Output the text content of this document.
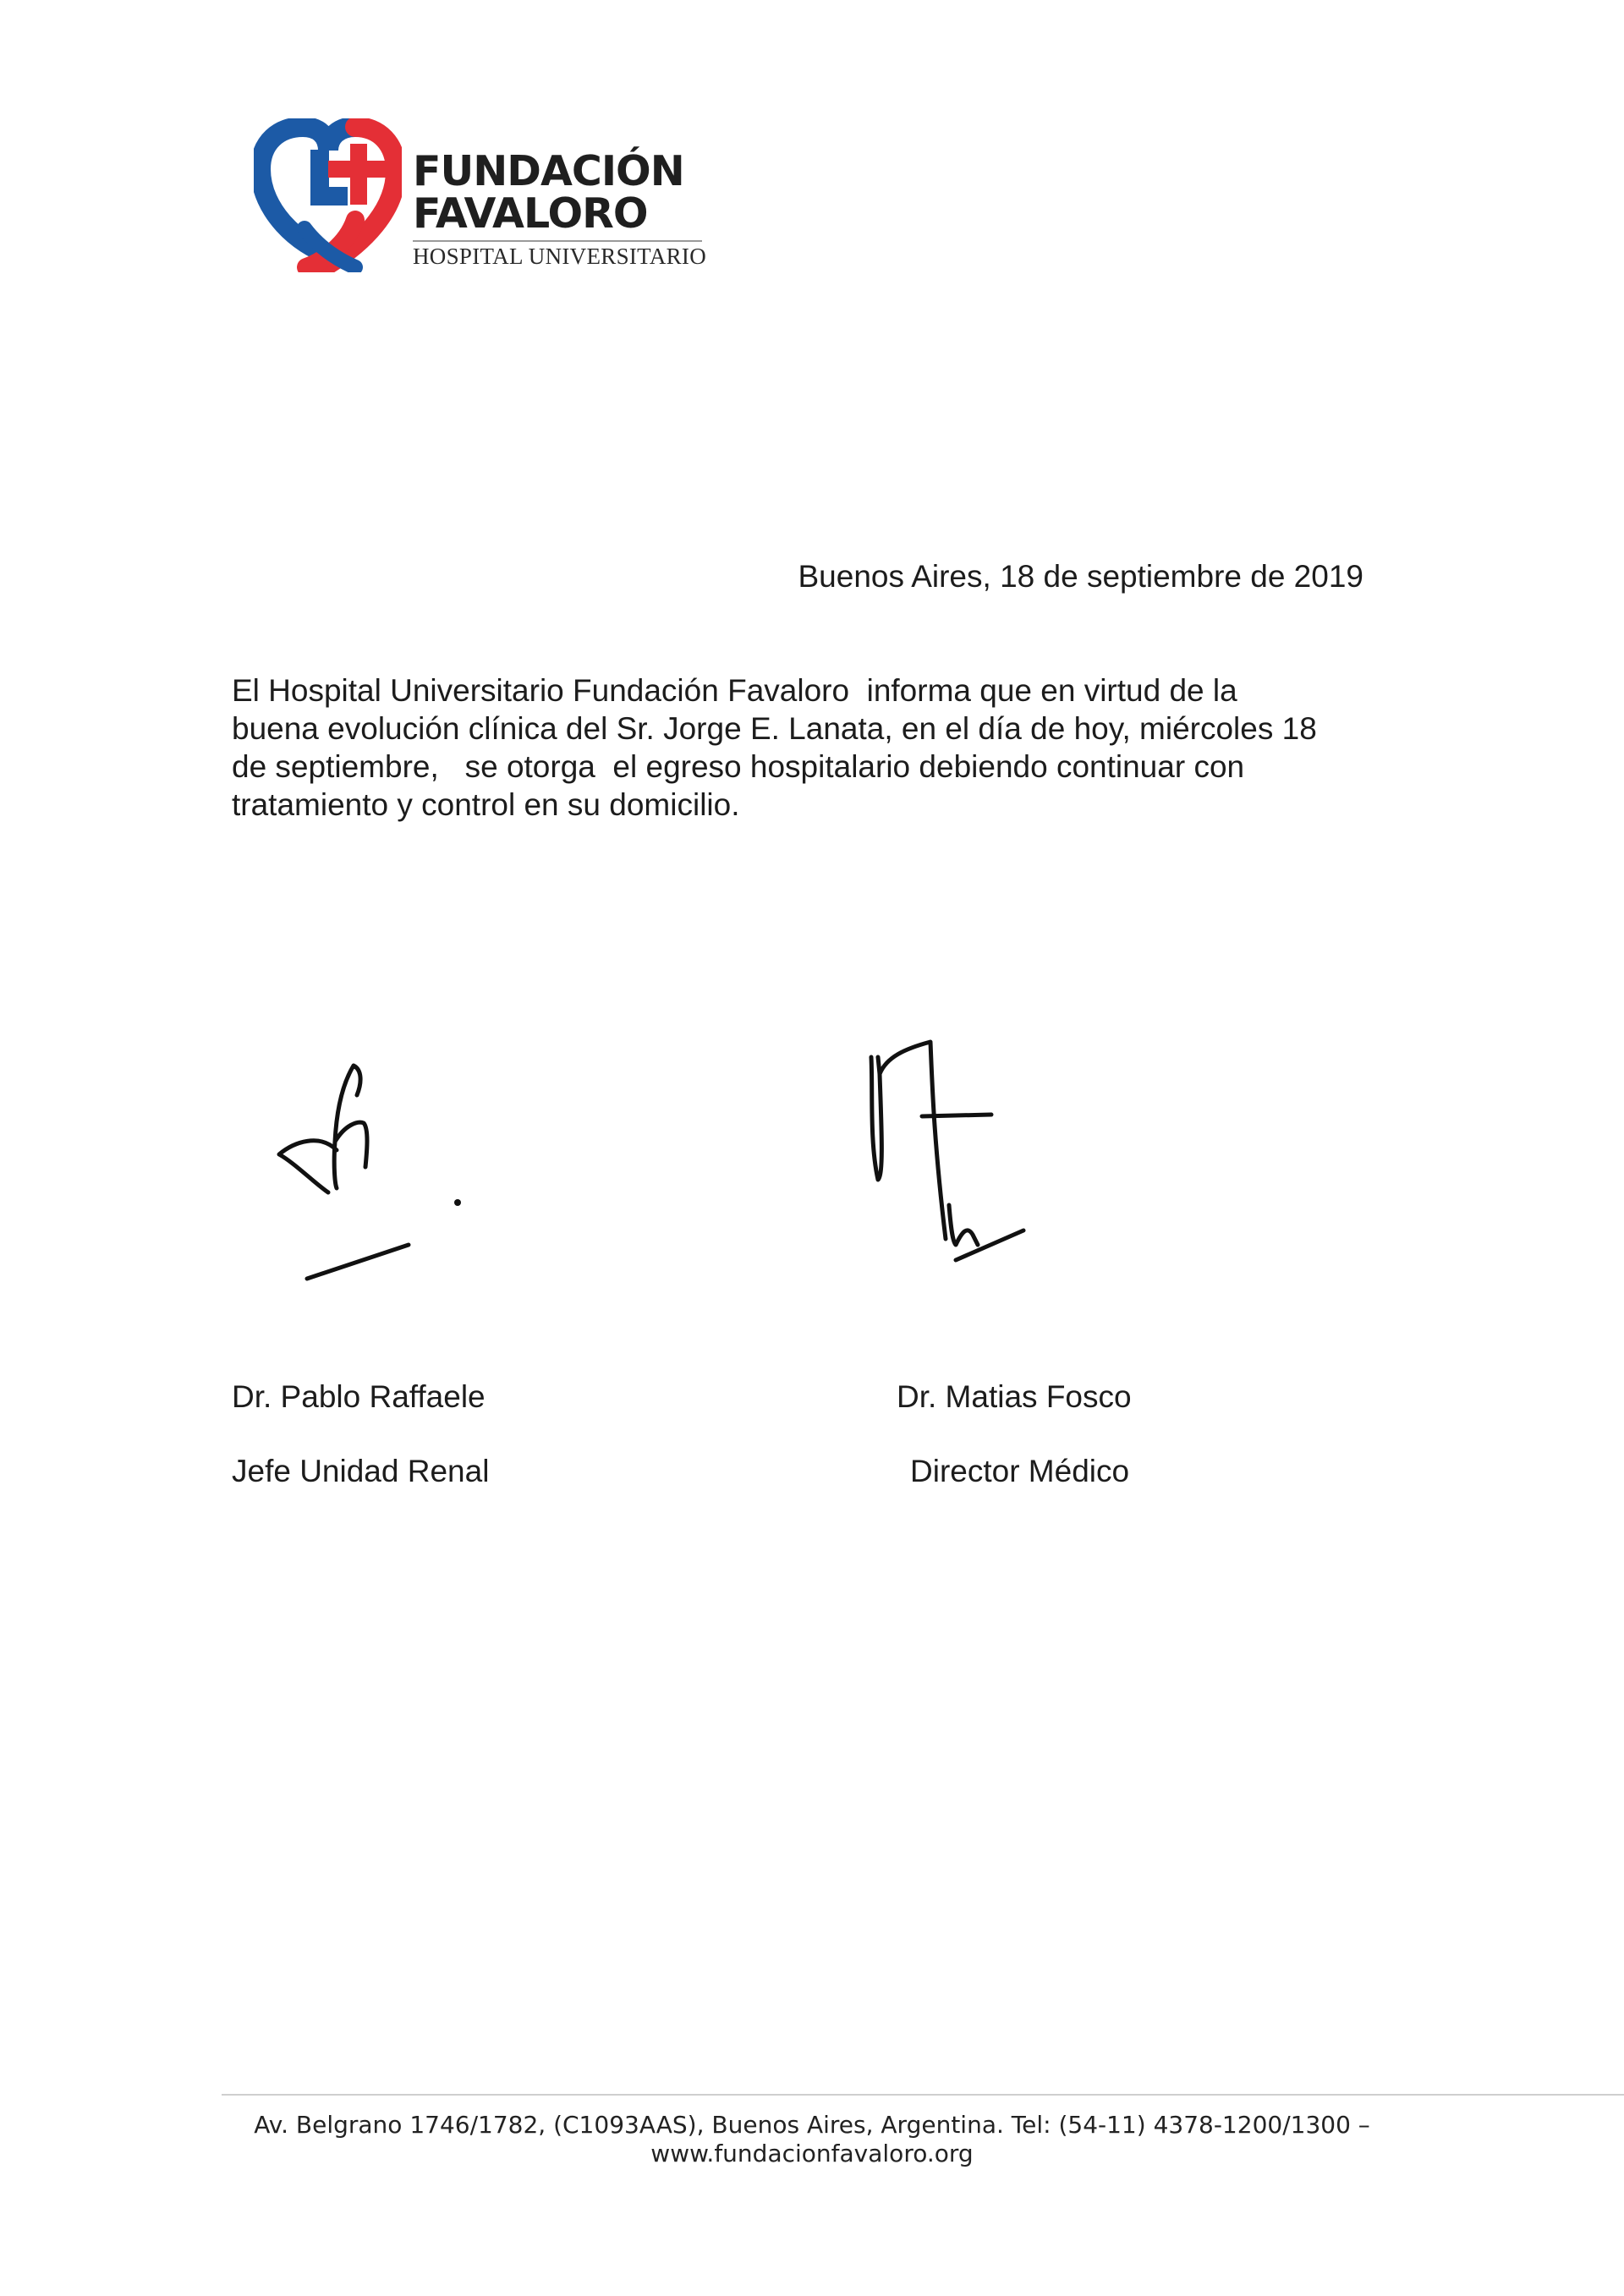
FUNDACIÓN
FAVALORO
HOSPITAL UNIVERSITARIO
Buenos Aires, 18 de septiembre de 2019
El Hospital Universitario Fundación Favaloro  informa que en virtud de la
buena evolución clínica del Sr. Jorge E. Lanata, en el día de hoy, miércoles 18
de septiembre,   se otorga  el egreso hospitalario debiendo continuar con
tratamiento y control en su domicilio.
Dr. Pablo Raffaele
Jefe Unidad Renal
Dr. Matias Fosco
Director Médico
Av. Belgrano 1746/1782, (C1093AAS), Buenos Aires, Argentina. Tel: (54-11) 4378-1200/1300 –
www.fundacionfavaloro.org
